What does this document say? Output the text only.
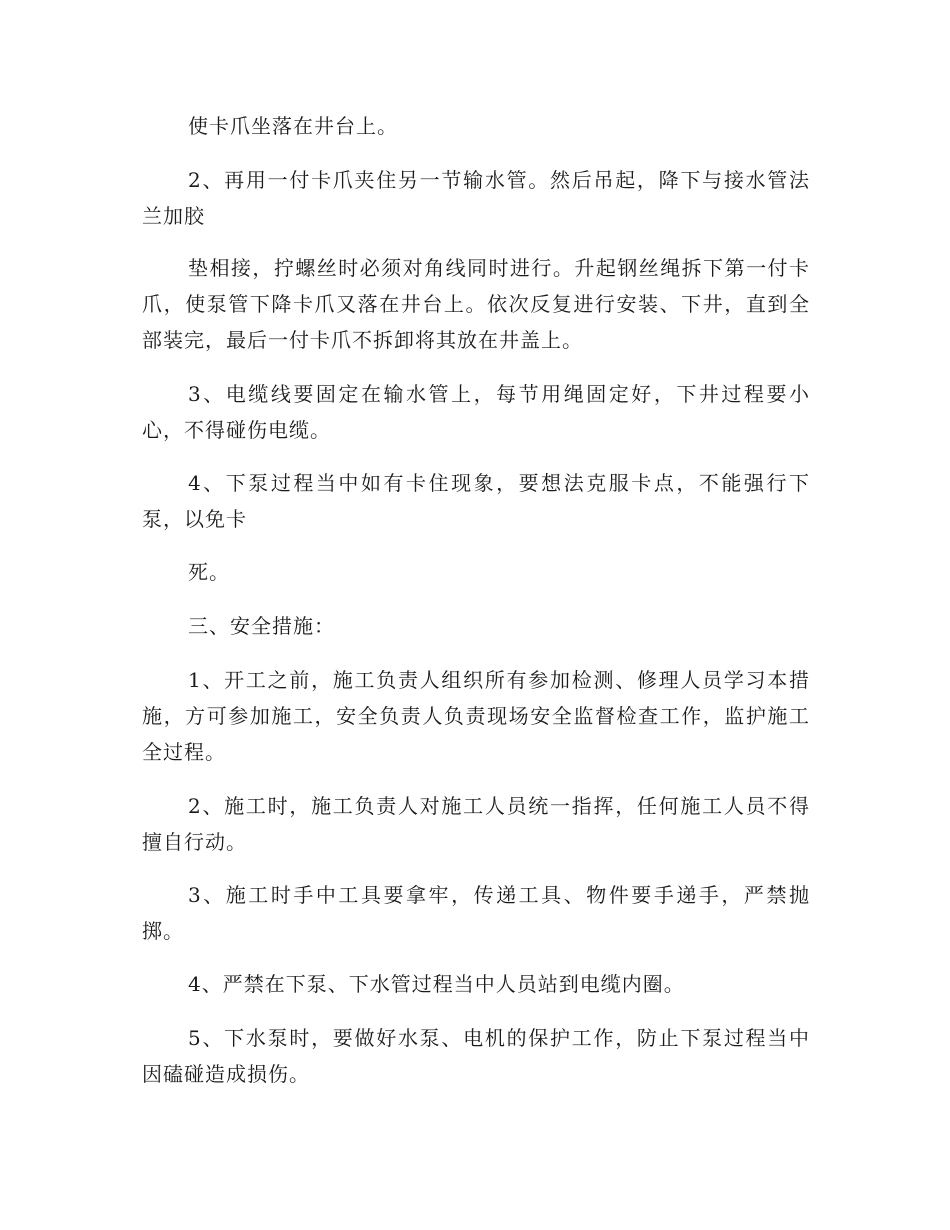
使卡爪坐落在井台上。

2、再用一付卡爪夹住另一节输水管。然后吊起，降下与接水管法兰加胶

垫相接，拧螺丝时必须对角线同时进行。升起钢丝绳拆下第一付卡爪，使泵管下降卡爪又落在井台上。依次反复进行安装、下井，直到全部装完，最后一付卡爪不拆卸将其放在井盖上。

3、电缆线要固定在输水管上，每节用绳固定好，下井过程要小心，不得碰伤电缆。

4、下泵过程当中如有卡住现象，要想法克服卡点，不能强行下泵，以免卡

死。

三、安全措施：

1、开工之前，施工负责人组织所有参加检测、修理人员学习本措施，方可参加施工，安全负责人负责现场安全监督检查工作，监护施工全过程。

2、施工时，施工负责人对施工人员统一指挥，任何施工人员不得擅自行动。

3、施工时手中工具要拿牢，传递工具、物件要手递手，严禁抛掷。

4、严禁在下泵、下水管过程当中人员站到电缆内圈。

5、下水泵时，要做好水泵、电机的保护工作，防止下泵过程当中因磕碰造成损伤。
